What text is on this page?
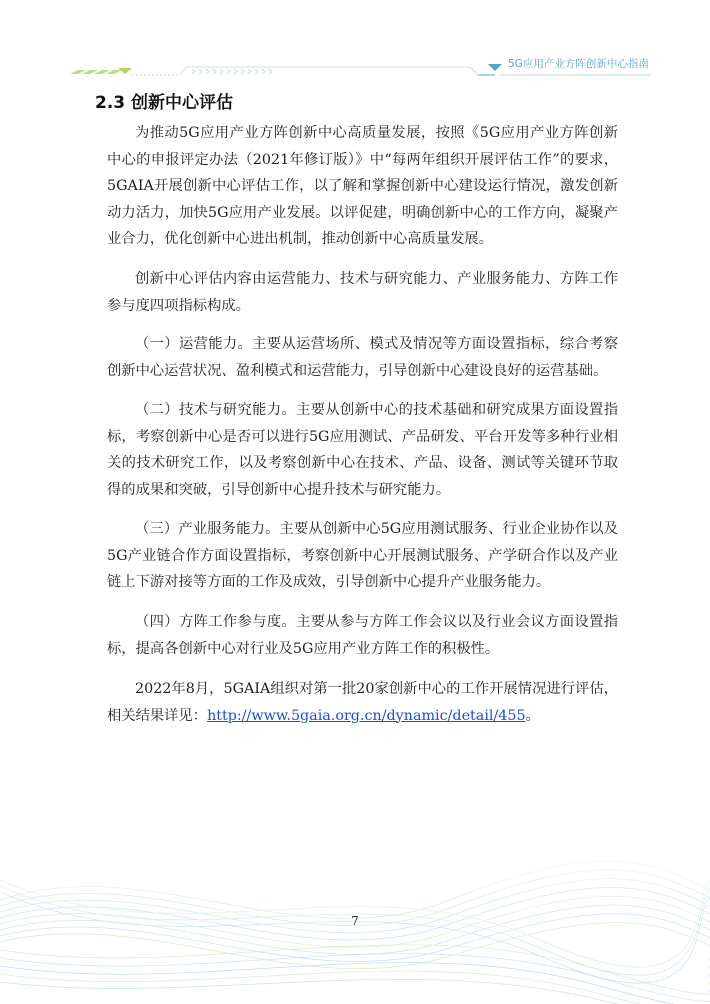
5G应用产业方阵创新中心指南
2.3 创新中心评估

为推动5G应用产业方阵创新中心高质量发展，按照《5G应用产业方阵创新中心的申报评定办法（2021年修订版）》中“每两年组织开展评估工作”的要求，5GAIA开展创新中心评估工作，以了解和掌握创新中心建设运行情况，激发创新动力活力，加快5G应用产业发展。以评促建，明确创新中心的工作方向，凝聚产业合力，优化创新中心进出机制，推动创新中心高质量发展。

创新中心评估内容由运营能力、技术与研究能力、产业服务能力、方阵工作参与度四项指标构成。

（一）运营能力。主要从运营场所、模式及情况等方面设置指标，综合考察创新中心运营状况、盈利模式和运营能力，引导创新中心建设良好的运营基础。

（二）技术与研究能力。主要从创新中心的技术基础和研究成果方面设置指标，考察创新中心是否可以进行5G应用测试、产品研发、平台开发等多种行业相关的技术研究工作，以及考察创新中心在技术、产品、设备、测试等关键环节取得的成果和突破，引导创新中心提升技术与研究能力。

（三）产业服务能力。主要从创新中心5G应用测试服务、行业企业协作以及5G产业链合作方面设置指标，考察创新中心开展测试服务、产学研合作以及产业链上下游对接等方面的工作及成效，引导创新中心提升产业服务能力。

（四）方阵工作参与度。主要从参与方阵工作会议以及行业会议方面设置指标，提高各创新中心对行业及5G应用产业方阵工作的积极性。

2022年8月，5GAIA组织对第一批20家创新中心的工作开展情况进行评估，相关结果详见：http://www.5gaia.org.cn/dynamic/detail/455。

7
